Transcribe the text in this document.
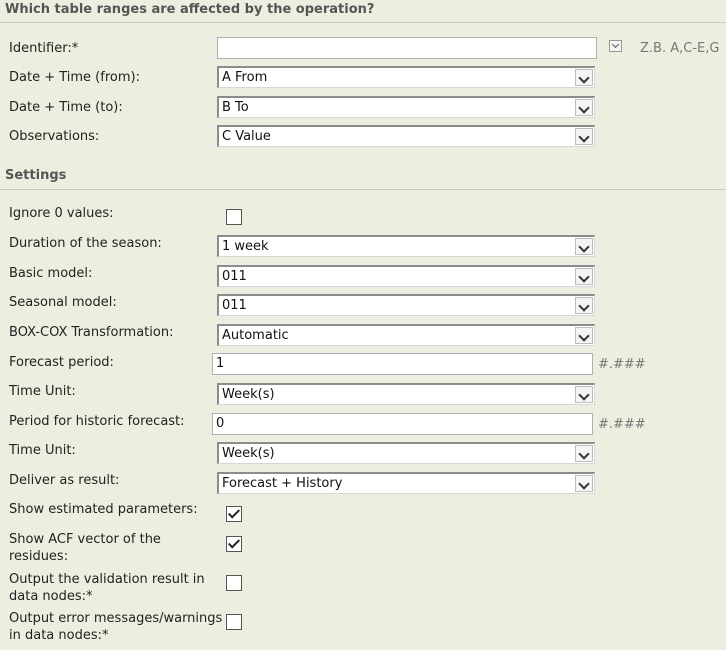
Which table ranges are affected by the operation?
Identifier:*	Z.B. A,C-E,G
Date + Time (from):	A From
Date + Time (to):	B To
Observations:	C Value
Settings
Ignore 0 values:
Duration of the season:	1 week
Basic model:	011
Seasonal model:	011
BOX-COX Transformation:	Automatic
Forecast period:	1	#.###
Time Unit:	Week(s)
Period for historic forecast: 0	#.###
Time Unit:	Week(s)
Deliver as result:	Forecast + History
Show estimated parameters:
Show ACF vector of the
residues:
Output the validation result in
data nodes:*
Output error messages/warnings
in data nodes:*
